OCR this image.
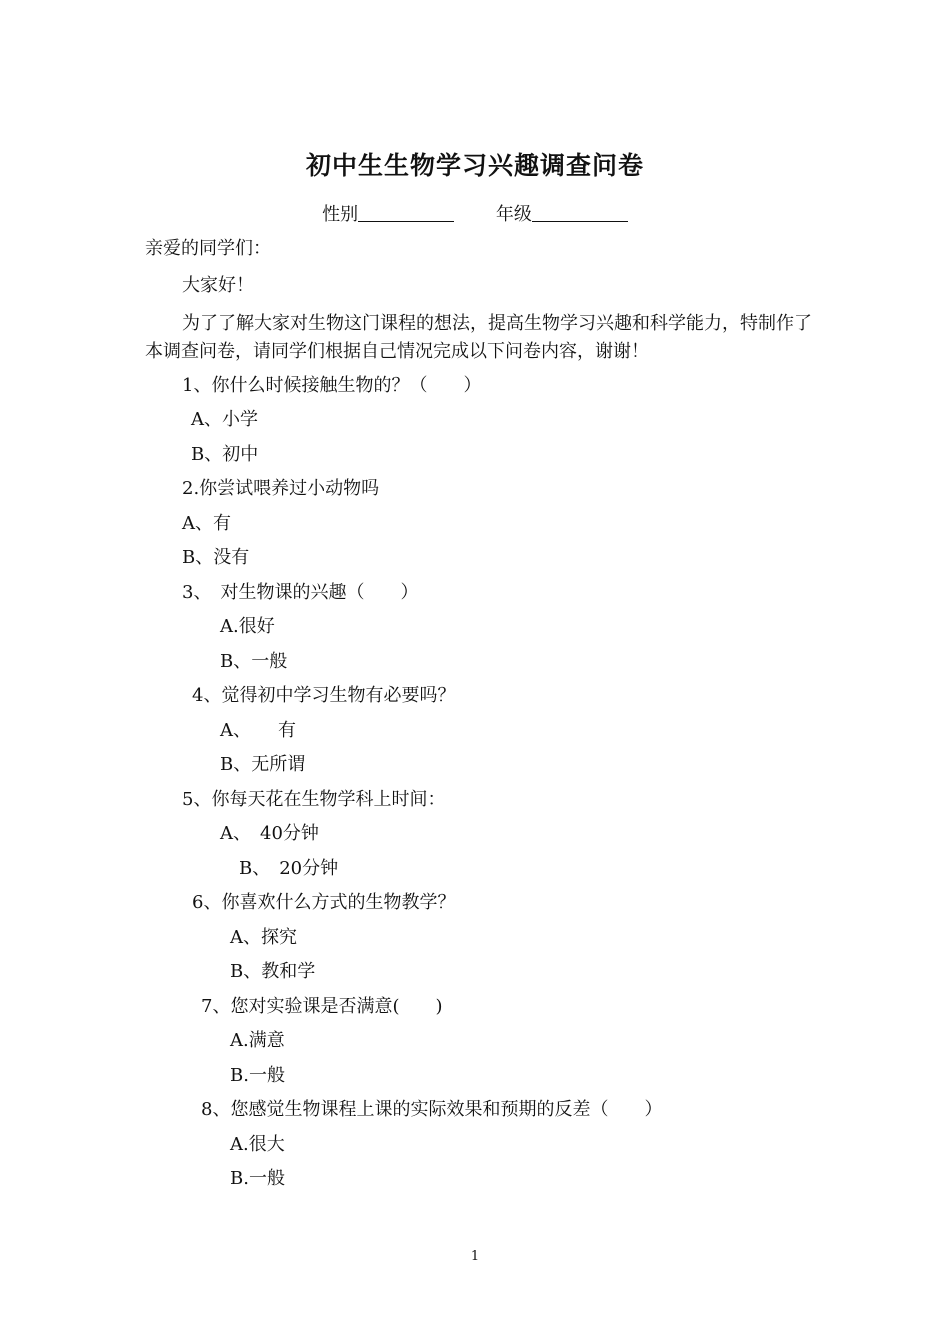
初中生生物学习兴趣调查问卷
性别	年级
亲爱的同学们：
大家好！
为了了解大家对生物这门课程的想法，提高生物学习兴趣和科学能力，特制作了本调查问卷，请同学们根据自己情况完成以下问卷内容，谢谢！
1、你什么时候接触生物的？（　　）
A、小学
B、初中
2.你尝试喂养过小动物吗
A、有
B、没有
3、　对生物课的兴趣（　　）
A.很好
B、一般
4、觉得初中学习生物有必要吗？
A、　　有
B、无所谓
5、你每天花在生物学科上时间：
A、　40分钟
B、　20分钟
6、你喜欢什么方式的生物教学？
A、探究
B、教和学
7、您对实验课是否满意(　　)
A.满意
B.一般
8、您感觉生物课程上课的实际效果和预期的反差（　　）
A.很大
B.一般
1
